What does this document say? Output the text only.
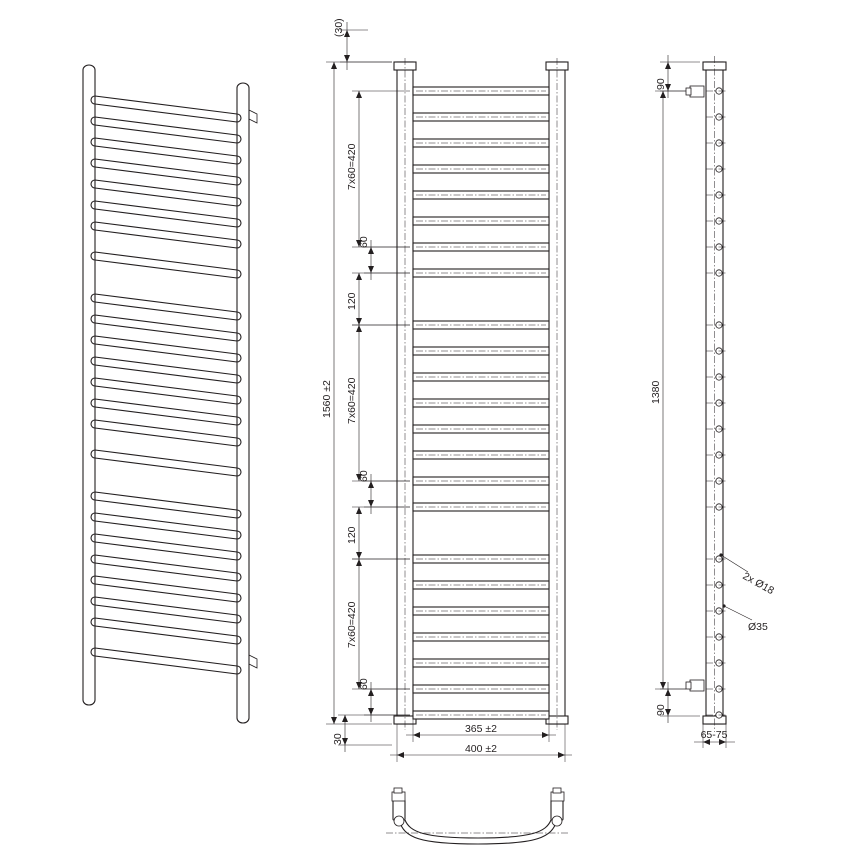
(30)
7x60=420
60
120
7x60=420
60
120
7x60=420
60
30
1560 ±2
365 ±2
400 ±2
90
1380
90
65-75
2x Ø18
Ø35
